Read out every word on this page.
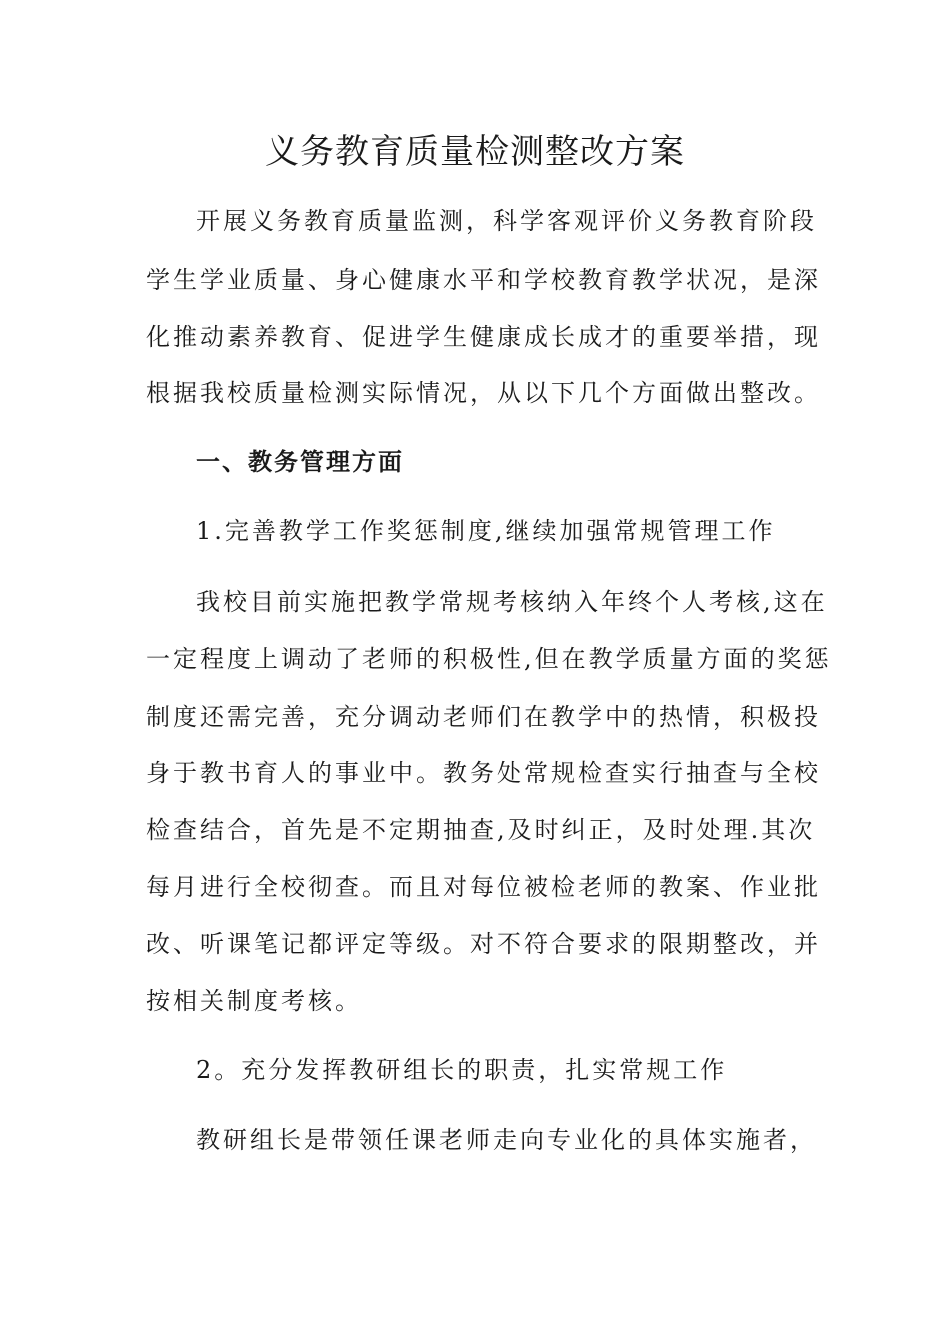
义务教育质量检测整改方案
开展义务教育质量监测，科学客观评价义务教育阶段
学生学业质量、身心健康水平和学校教育教学状况，是深
化推动素养教育、促进学生健康成长成才的重要举措，现
根据我校质量检测实际情况，从以下几个方面做出整改。
一、教务管理方面
1.完善教学工作奖惩制度,继续加强常规管理工作
我校目前实施把教学常规考核纳入年终个人考核,这在
一定程度上调动了老师的积极性,但在教学质量方面的奖惩
制度还需完善，充分调动老师们在教学中的热情，积极投
身于教书育人的事业中。教务处常规检查实行抽查与全校
检查结合，首先是不定期抽查,及时纠正，及时处理.其次
每月进行全校彻查。而且对每位被检老师的教案、作业批
改、听课笔记都评定等级。对不符合要求的限期整改，并
按相关制度考核。
2。充分发挥教研组长的职责，扎实常规工作
教研组长是带领任课老师走向专业化的具体实施者，
